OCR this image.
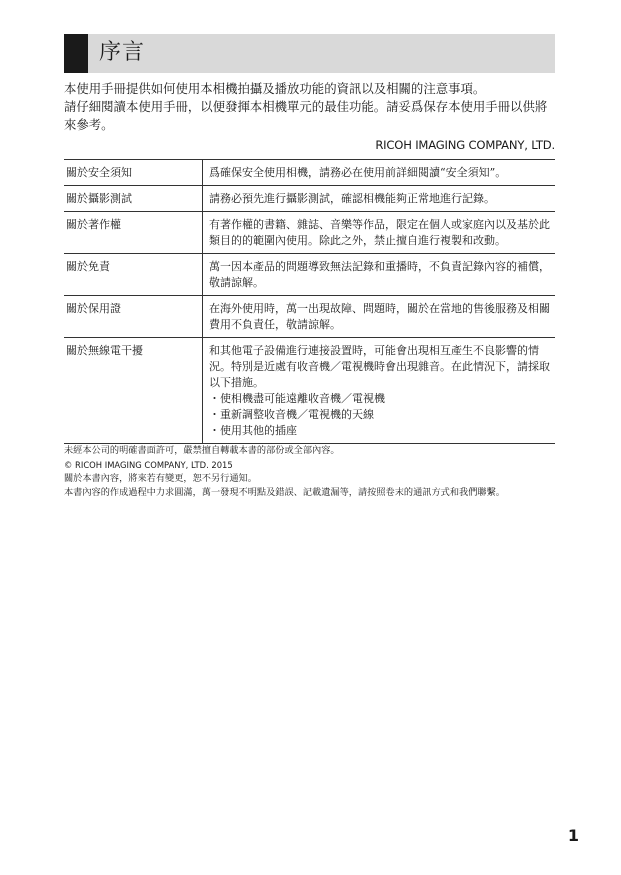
序言

本使用手冊提供如何使用本相機拍攝及播放功能的資訊以及相關的注意事項。

請仔細閱讀本使用手冊，以便發揮本相機單元的最佳功能。請妥爲保存本使用手冊以供將來參考。

RICOH IMAGING COMPANY, LTD.
關於安全須知	爲確保安全使用相機，請務必在使用前詳細閱讀“安全須知”。

關於攝影測試	請務必預先進行攝影測試，確認相機能夠正常地進行記錄。

關於著作權	有著作權的書籍、雜誌、音樂等作品，限定在個人或家庭內以及基於此類目的的範圍內使用。除此之外，禁止擅自進行複製和改動。

關於免責	萬一因本產品的問題導致無法記錄和重播時，不負責記錄內容的補償，敬請諒解。

關於保用證	在海外使用時，萬一出現故障、問題時，關於在當地的售後服務及相關費用不負責任，敬請諒解。

關於無線電干擾	和其他電子設備進行連接設置時，可能會出現相互產生不良影響的情況。特別是近處有收音機／電視機時會出現雜音。在此情況下，請採取以下措施。
・使相機盡可能遠離收音機／電視機
・重新調整收音機／電視機的天線
・使用其他的插座

未經本公司的明確書面許可，嚴禁擅自轉載本書的部份或全部內容。

© RICOH IMAGING COMPANY, LTD. 2015

關於本書內容，將來若有變更，恕不另行通知。

本書內容的作成過程中力求圓滿，萬一發現不明點及錯誤、記載遺漏等，請按照卷末的通訊方式和我們聯繫。

1
